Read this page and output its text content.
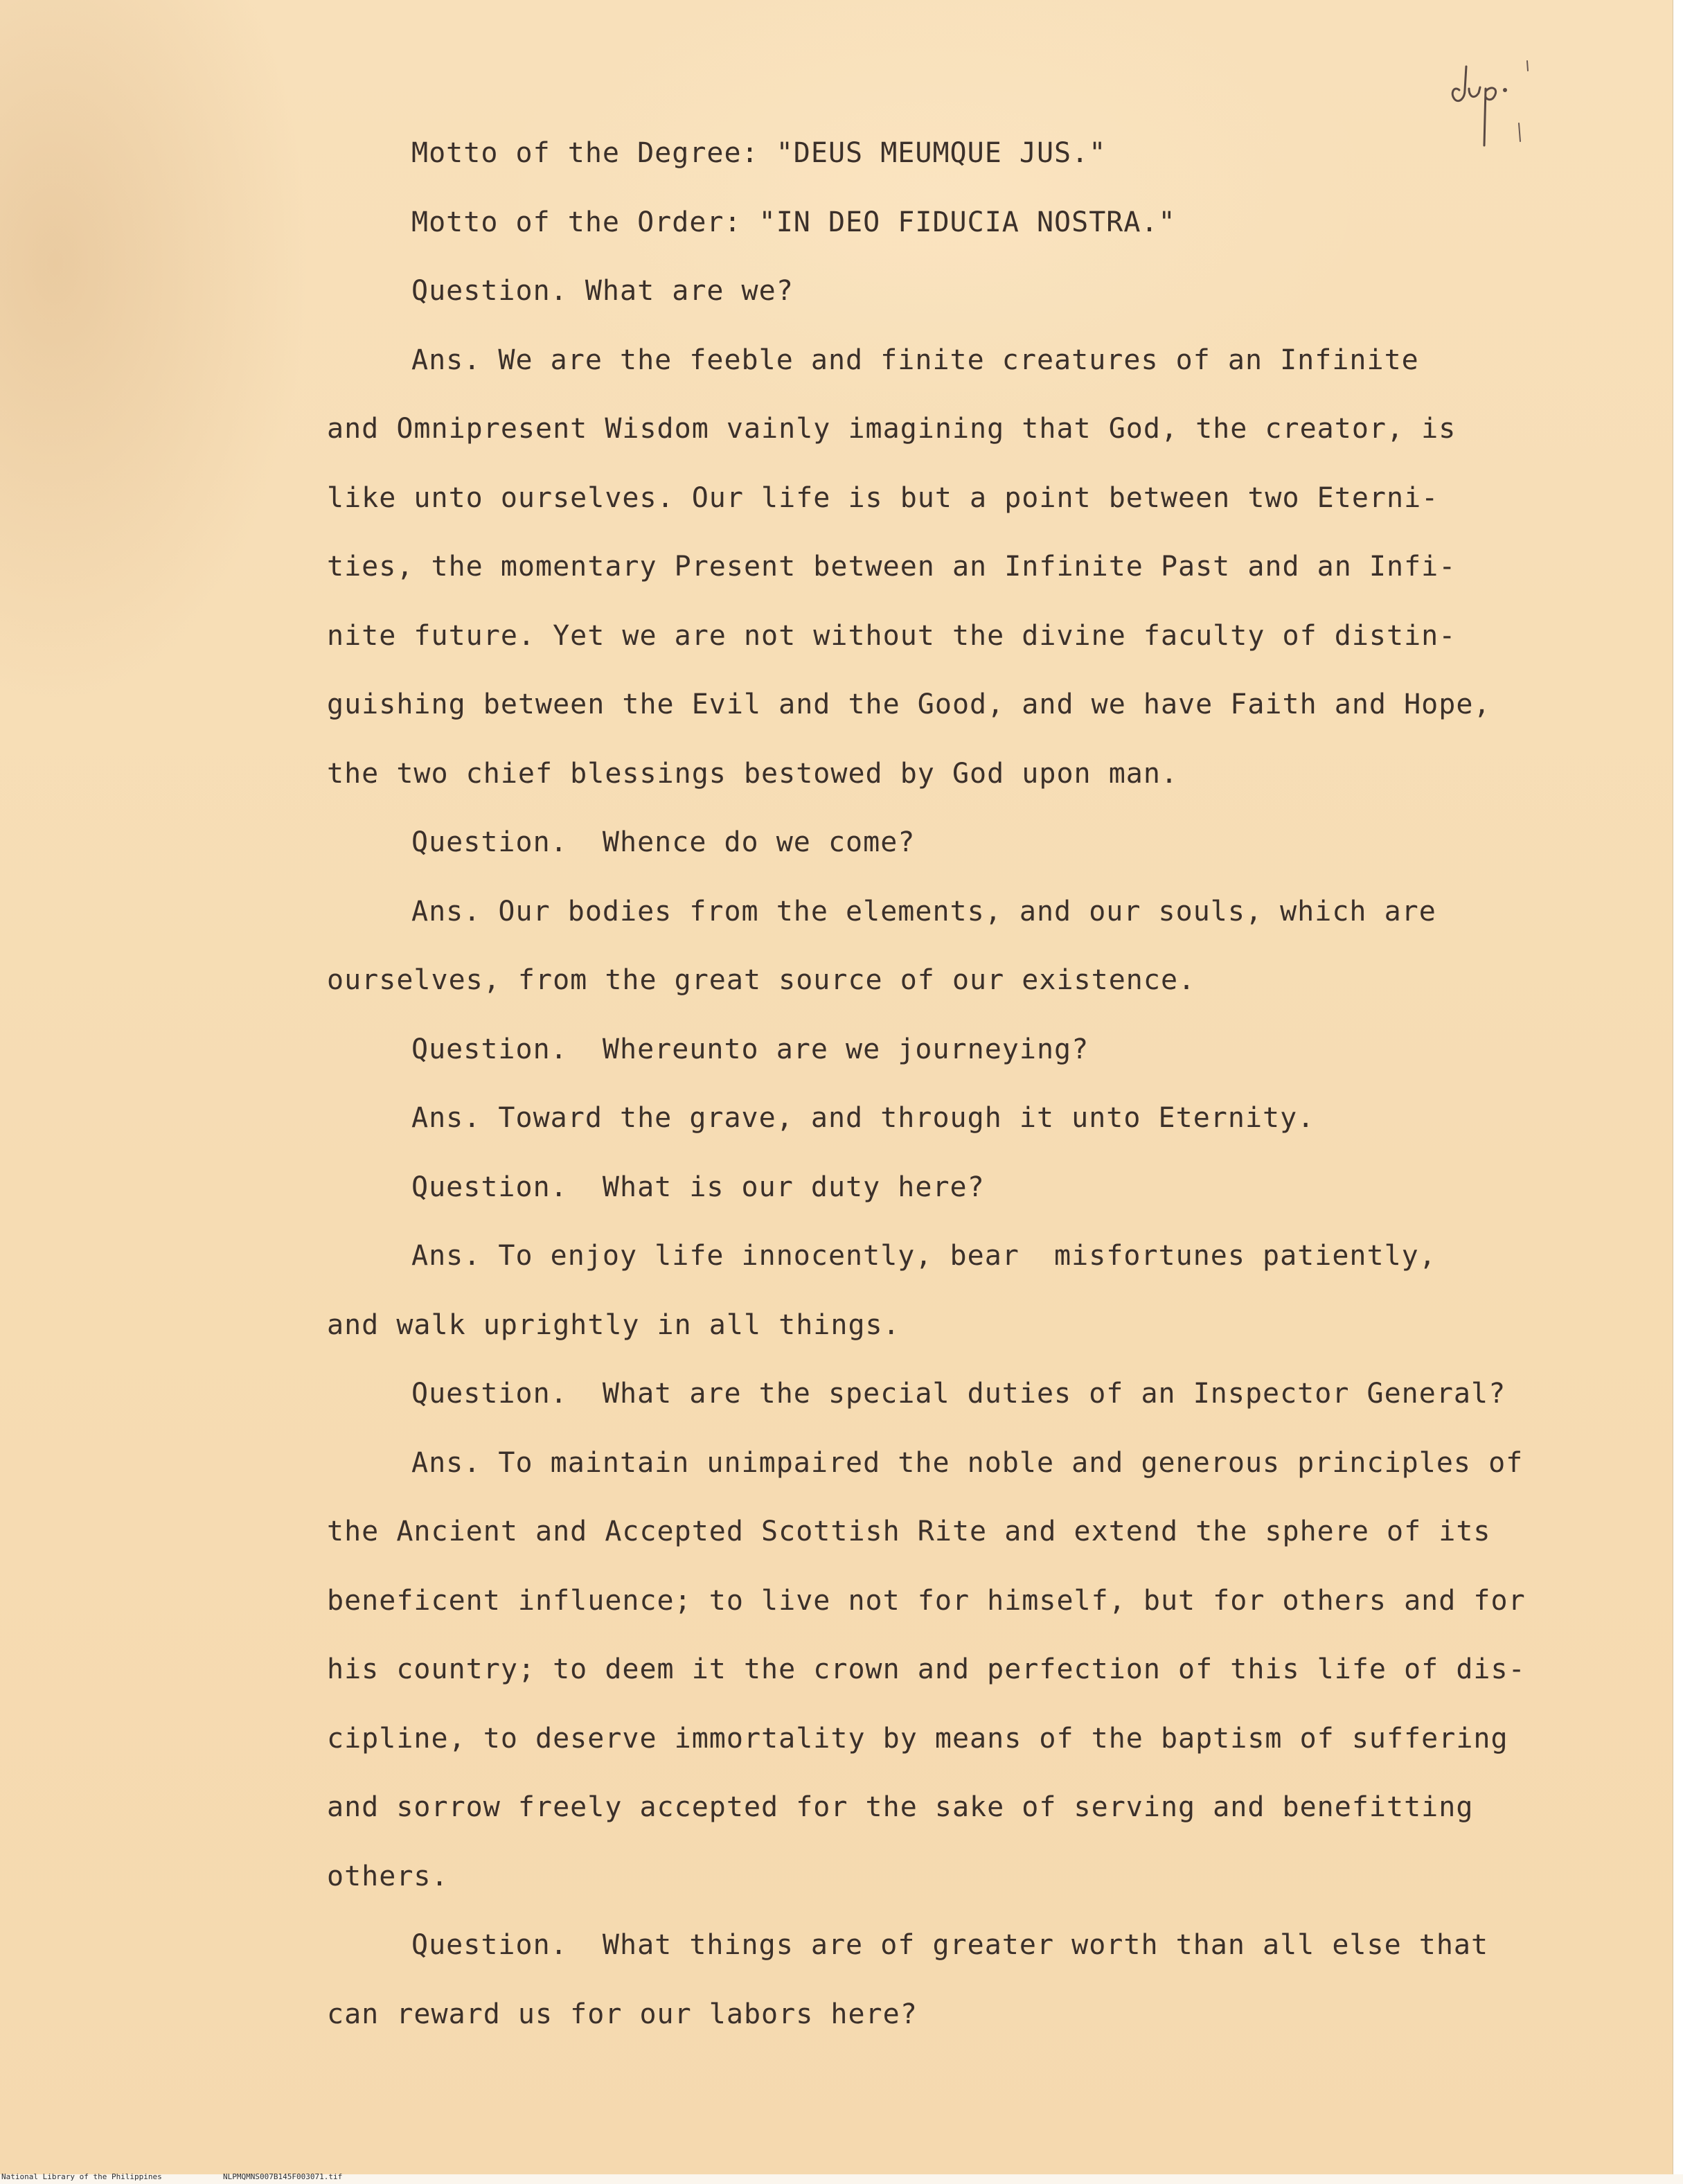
Motto of the Degree: "DEUS MEUMQUE JUS."
Motto of the Order: "IN DEO FIDUCIA NOSTRA."
Question. What are we?
Ans. We are the feeble and finite creatures of an Infinite
and Omnipresent Wisdom vainly imagining that God, the creator, is
like unto ourselves. Our life is but a point between two Eterni-
ties, the momentary Present between an Infinite Past and an Infi-
nite future. Yet we are not without the divine faculty of distin-
guishing between the Evil and the Good, and we have Faith and Hope,
the two chief blessings bestowed by God upon man.
Question.  Whence do we come?
Ans. Our bodies from the elements, and our souls, which are
ourselves, from the great source of our existence.
Question.  Whereunto are we journeying?
Ans. Toward the grave, and through it unto Eternity.
Question.  What is our duty here?
Ans. To enjoy life innocently, bear  misfortunes patiently,
and walk uprightly in all things.
Question.  What are the special duties of an Inspector General?
Ans. To maintain unimpaired the noble and generous principles of
the Ancient and Accepted Scottish Rite and extend the sphere of its
beneficent influence; to live not for himself, but for others and for
his country; to deem it the crown and perfection of this life of dis-
cipline, to deserve immortality by means of the baptism of suffering
and sorrow freely accepted for the sake of serving and benefitting
others.
Question.  What things are of greater worth than all else that
can reward us for our labors here?
National Library of the Philippines	NLPMQMNS007B145F003071.tif
